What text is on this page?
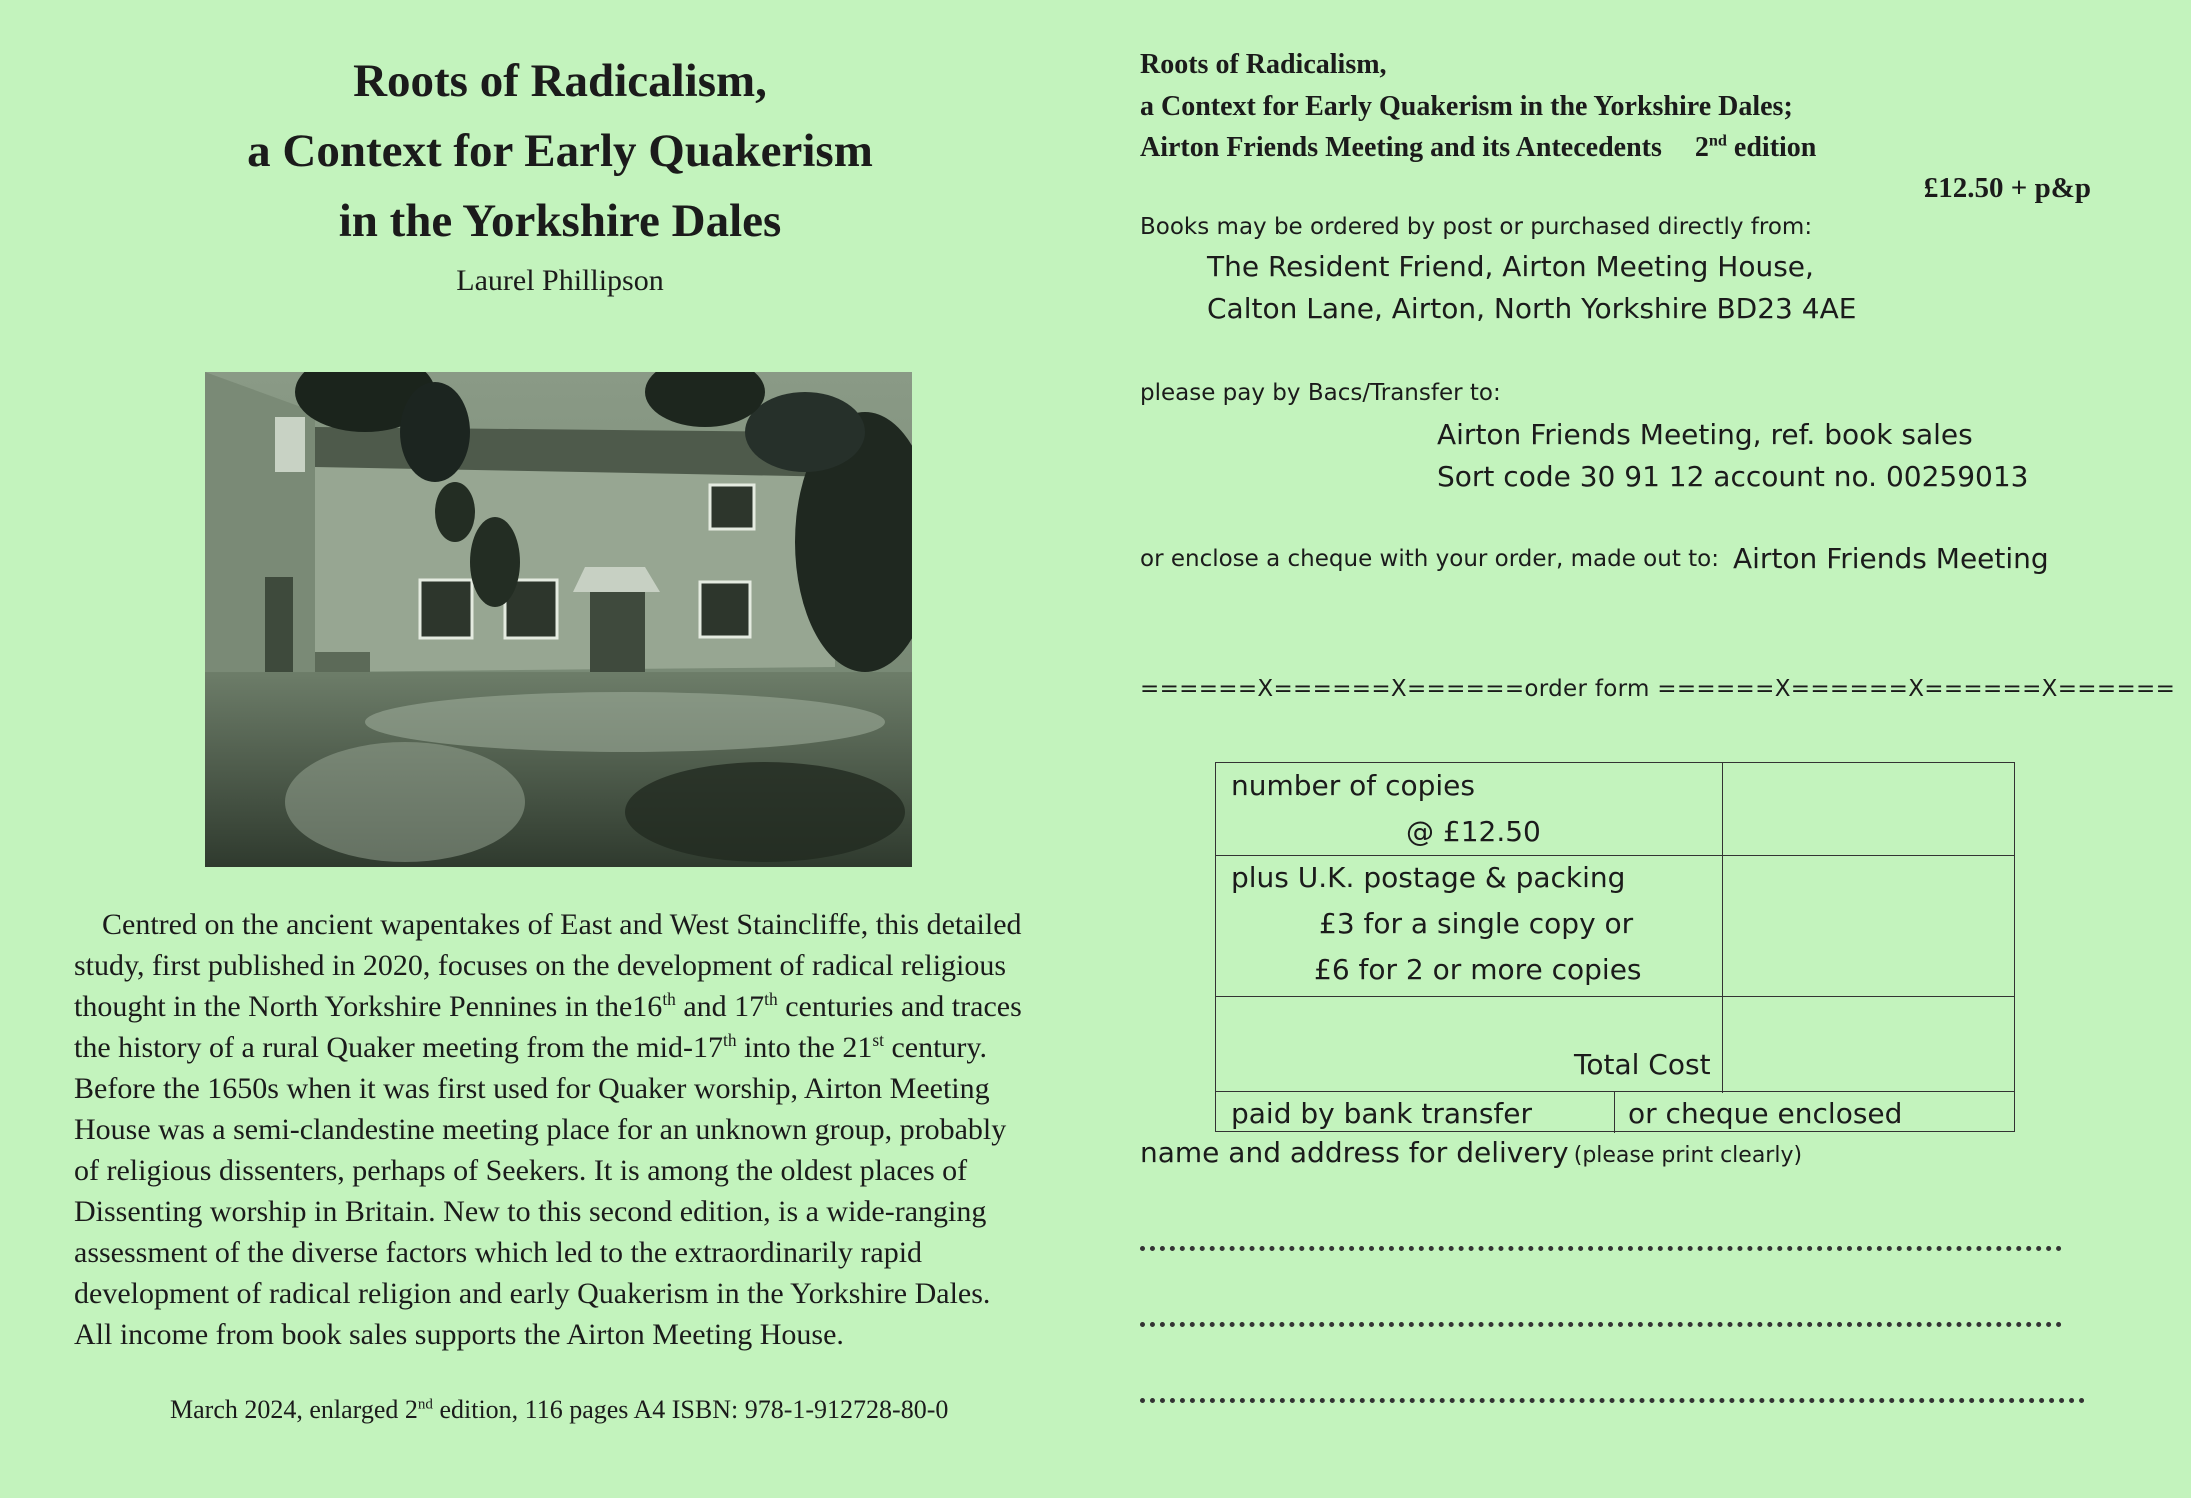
Roots of Radicalism,
a Context for Early Quakerism
in the Yorkshire Dales
Laurel Phillipson

Centred on the ancient wapentakes of East and West Staincliffe, this detailed study, first published in 2020, focuses on the development of radical religious thought in the North Yorkshire Pennines in the16th and 17th centuries and traces the history of a rural Quaker meeting from the mid-17th into the 21st century. Before the 1650s when it was first used for Quaker worship, Airton Meeting House was a semi-clandestine meeting place for an unknown group, probably of religious dissenters, perhaps of Seekers. It is among the oldest places of Dissenting worship in Britain. New to this second edition, is a wide-ranging assessment of the diverse factors which led to the extraordinarily rapid development of radical religion and early Quakerism in the Yorkshire Dales. All income from book sales supports the Airton Meeting House.

March 2024, enlarged 2nd edition, 116 pages A4 ISBN: 978-1-912728-80-0
Roots of Radicalism,
a Context for Early Quakerism in the Yorkshire Dales;
Airton Friends Meeting and its Antecedents 2nd edition
£12.50 + p&p
Books may be ordered by post or purchased directly from:
The Resident Friend, Airton Meeting House,
Calton Lane, Airton, North Yorkshire BD23 4AE
please pay by Bacs/Transfer to:
Airton Friends Meeting, ref. book sales
Sort code 30 91 12 account no. 00259013
or enclose a cheque with your order, made out to: Airton Friends Meeting
======X======X======order form ======X======X======X======
number of copies
@ £12.50
plus U.K. postage & packing
£3 for a single copy or
£6 for 2 or more copies
Total Cost
paid by bank transfer	or cheque enclosed
name and address for delivery (please print clearly)
